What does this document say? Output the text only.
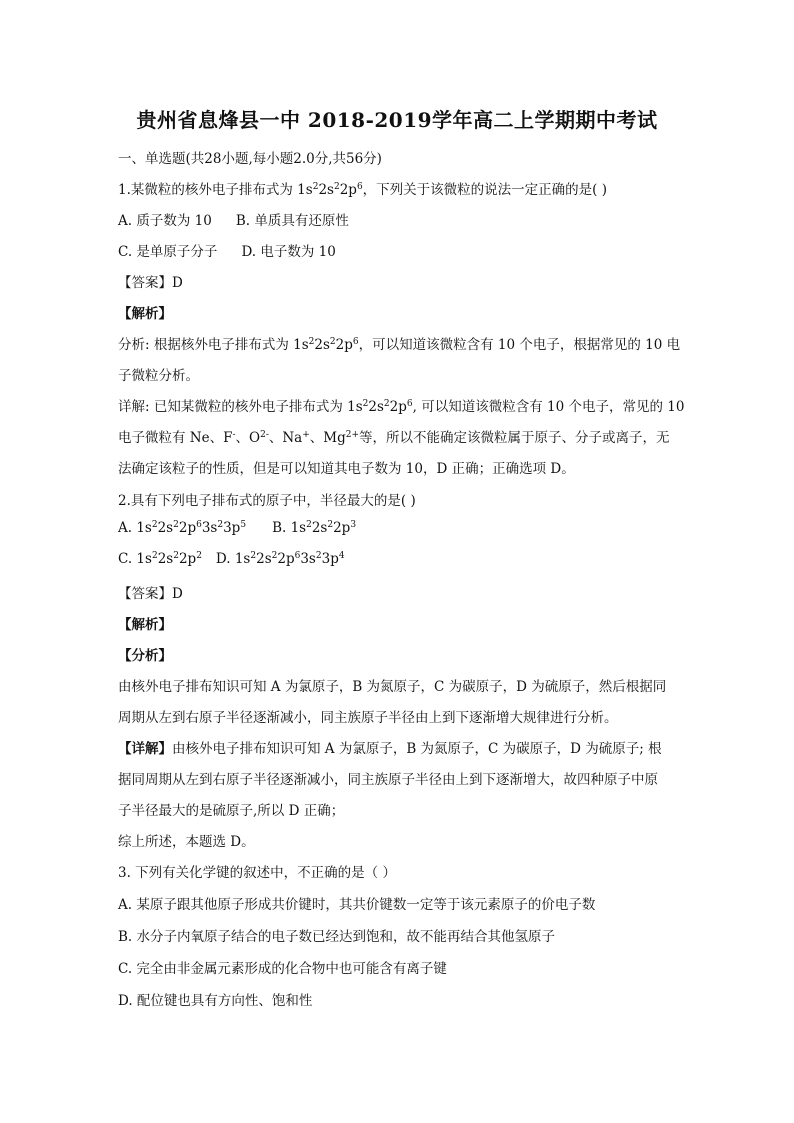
贵州省息烽县一中 2018-2019学年高二上学期期中考试
一、单选题(共28小题,每小题2.0分,共56分)
1.某微粒的核外电子排布式为 $1s^22s^22p^6$，下列关于该微粒的说法一定正确的是( )
A. 质子数为 10 B. 单质具有还原性
C. 是单原子分子 D. 电子数为 10
【答案】D
【解析】
分析: 根据核外电子排布式为 $1s^22s^22p^6$，可以知道该微粒含有 10 个电子，根据常见的 10 电
子微粒分析。
详解: 已知某微粒的核外电子排布式为 $1s^22s^22p^6$, 可以知道该微粒含有 10 个电子，常见的 10
电子微粒有 Ne、F-、$O^{2-}$、Na+、$Mg^{2+}$等，所以不能确定该微粒属于原子、分子或离子，无
法确定该粒子的性质，但是可以知道其电子数为 10，D 正确；正确选项 D。
2.具有下列电子排布式的原子中，半径最大的是( )
A. $1s^22s^22p^63s^23p^5$ B. $1s^22s^22p^3$
C. $1s^22s^22p^2$ D. $1s^22s^22p^63s^23p^4$
【答案】D
【解析】
【分析】
由核外电子排布知识可知 A 为氯原子，B 为氮原子，C 为碳原子，D 为硫原子，然后根据同
周期从左到右原子半径逐渐减小，同主族原子半径由上到下逐渐增大规律进行分析。
【详解】由核外电子排布知识可知 A 为氯原子，B 为氮原子，C 为碳原子，D 为硫原子; 根
据同周期从左到右原子半径逐渐减小，同主族原子半径由上到下逐渐增大，故四种原子中原
子半径最大的是硫原子,所以 D 正确；
综上所述，本题选 D。
3. 下列有关化学键的叙述中，不正确的是（ ）
A. 某原子跟其他原子形成共价键时，其共价键数一定等于该元素原子的价电子数
B. 水分子内氧原子结合的电子数已经达到饱和，故不能再结合其他氢原子
C. 完全由非金属元素形成的化合物中也可能含有离子键
D. 配位键也具有方向性、饱和性
